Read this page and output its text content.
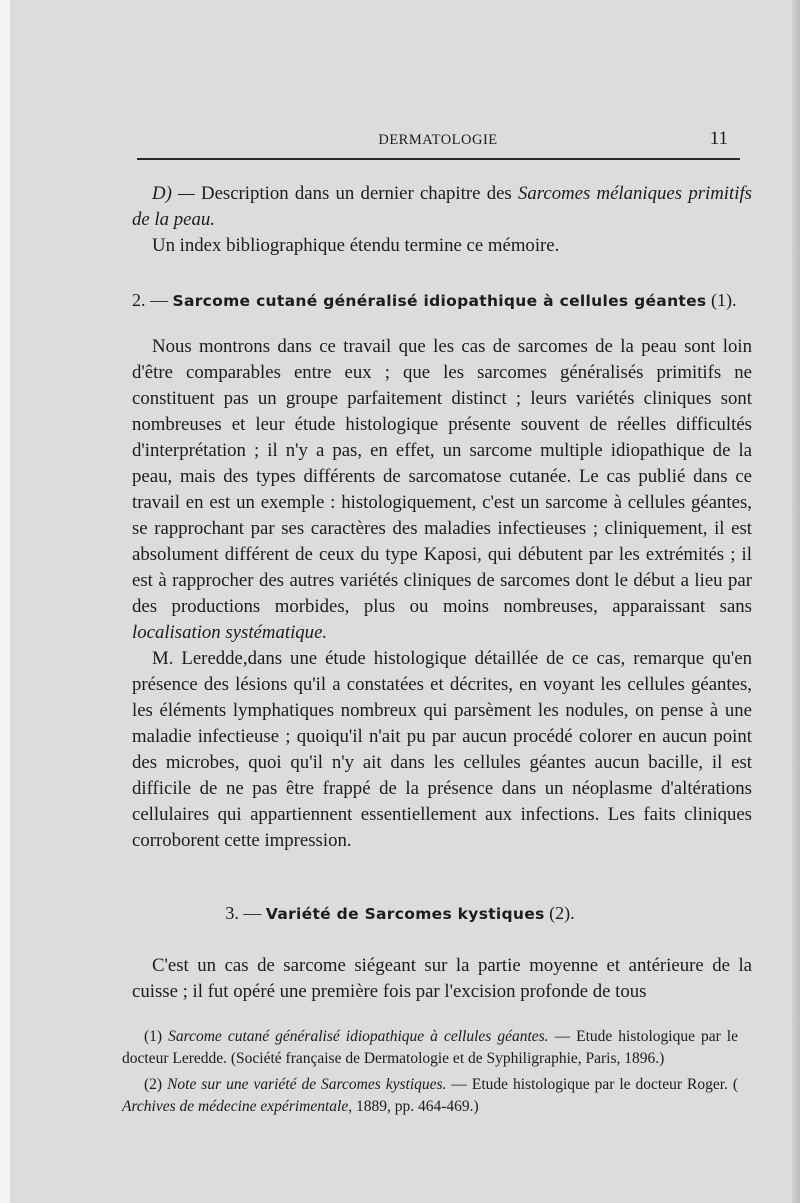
DERMATOLOGIE	11

D) — Description dans un dernier chapitre des Sarcomes mélaniques primitifs de la peau.

Un index bibliographique étendu termine ce mémoire.

2. — Sarcome cutané généralisé idiopathique à cellules géantes (1).

Nous montrons dans ce travail que les cas de sarcomes de la peau sont loin d'être comparables entre eux ; que les sarcomes généralisés primitifs ne constituent pas un groupe parfaitement distinct ; leurs variétés cliniques sont nombreuses et leur étude histologique présente souvent de réelles difficultés d'interprétation ; il n'y a pas, en effet, un sarcome multiple idiopathique de la peau, mais des types différents de sarcomatose cutanée. Le cas publié dans ce travail en est un exemple : histologiquement, c'est un sarcome à cellules géantes, se rapprochant par ses caractères des maladies infectieuses ; cliniquement, il est absolument différent de ceux du type Kaposi, qui débutent par les extrémités ; il est à rapprocher des autres variétés cliniques de sarcomes dont le début a lieu par des productions morbides, plus ou moins nombreuses, apparaissant sans localisation systématique.

M. Leredde,dans une étude histologique détaillée de ce cas, remarque qu'en présence des lésions qu'il a constatées et décrites, en voyant les cellules géantes, les éléments lymphatiques nombreux qui parsèment les nodules, on pense à une maladie infectieuse ; quoiqu'il n'ait pu par aucun procédé colorer en aucun point des microbes, quoi qu'il n'y ait dans les cellules géantes aucun bacille, il est difficile de ne pas être frappé de la présence dans un néoplasme d'altérations cellulaires qui appartiennent essentiellement aux infections. Les faits cliniques corroborent cette impression.

3. — Variété de Sarcomes kystiques (2).

C'est un cas de sarcome siégeant sur la partie moyenne et antérieure de la cuisse ; il fut opéré une première fois par l'excision profonde de tous

(1) Sarcome cutané généralisé idiopathique à cellules géantes. — Etude histologique par le docteur Leredde. (Société française de Dermatologie et de Syphiligraphie, Paris, 1896.)

(2) Note sur une variété de Sarcomes kystiques. — Etude histologique par le docteur Roger. ( Archives de médecine expérimentale, 1889, pp. 464-469.)
